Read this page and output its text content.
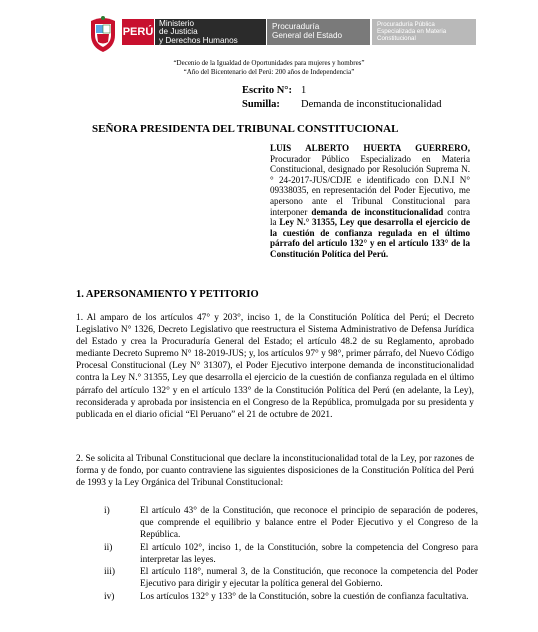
PERÚ
Ministerio
de Justicia
y Derechos Humanos
Procuraduría
General del Estado
Procuraduría Pública
Especializada en Materia
Constitucional
“Decenio de la Igualdad de Oportunidades para mujeres y hombres”
“Año del Bicentenario del Perú: 200 años de Independencia”
Escrito N°: 1
Sumilla: Demanda de inconstitucionalidad
SEÑORA PRESIDENTA DEL TRIBUNAL CONSTITUCIONAL
LUIS ALBERTO HUERTA GUERRERO, Procurador Público Especializado en Materia Constitucional, designado por Resolución Suprema N.° 24-2017-JUS/CDJE e identificado con D.N.I N° 09338035, en representación del Poder Ejecutivo, me apersono ante el Tribunal Constitucional para interponer demanda de inconstitucionalidad contra la Ley N.° 31355, Ley que desarrolla el ejercicio de la cuestión de confianza regulada en el último párrafo del artículo 132° y en el artículo 133° de la Constitución Política del Perú.
1. APERSONAMIENTO Y PETITORIO
1. Al amparo de los artículos 47° y 203°, inciso 1, de la Constitución Política del Perú; el Decreto Legislativo N° 1326, Decreto Legislativo que reestructura el Sistema Administrativo de Defensa Jurídica del Estado y crea la Procuraduría General del Estado; el artículo 48.2 de su Reglamento, aprobado mediante Decreto Supremo N° 18-2019-JUS; y, los artículos 97° y 98°, primer párrafo, del Nuevo Código Procesal Constitucional (Ley N° 31307), el Poder Ejecutivo interpone demanda de inconstitucionalidad contra la Ley N.° 31355, Ley que desarrolla el ejercicio de la cuestión de confianza regulada en el último párrafo del artículo 132° y en el artículo 133° de la Constitución Política del Perú (en adelante, la Ley), reconsiderada y aprobada por insistencia en el Congreso de la República, promulgada por su presidenta y publicada en el diario oficial “El Peruano” el 21 de octubre de 2021.
2. Se solicita al Tribunal Constitucional que declare la inconstitucionalidad total de la Ley, por razones de forma y de fondo, por cuanto contraviene las siguientes disposiciones de la Constitución Política del Perú de 1993 y la Ley Orgánica del Tribunal Constitucional:
i)	El artículo 43° de la Constitución, que reconoce el principio de separación de poderes, que comprende el equilibrio y balance entre el Poder Ejecutivo y el Congreso de la República.
ii)	El artículo 102°, inciso 1, de la Constitución, sobre la competencia del Congreso para interpretar las leyes.
iii)	El artículo 118°, numeral 3, de la Constitución, que reconoce la competencia del Poder Ejecutivo para dirigir y ejecutar la política general del Gobierno.
iv)	Los artículos 132° y 133° de la Constitución, sobre la cuestión de confianza facultativa.
